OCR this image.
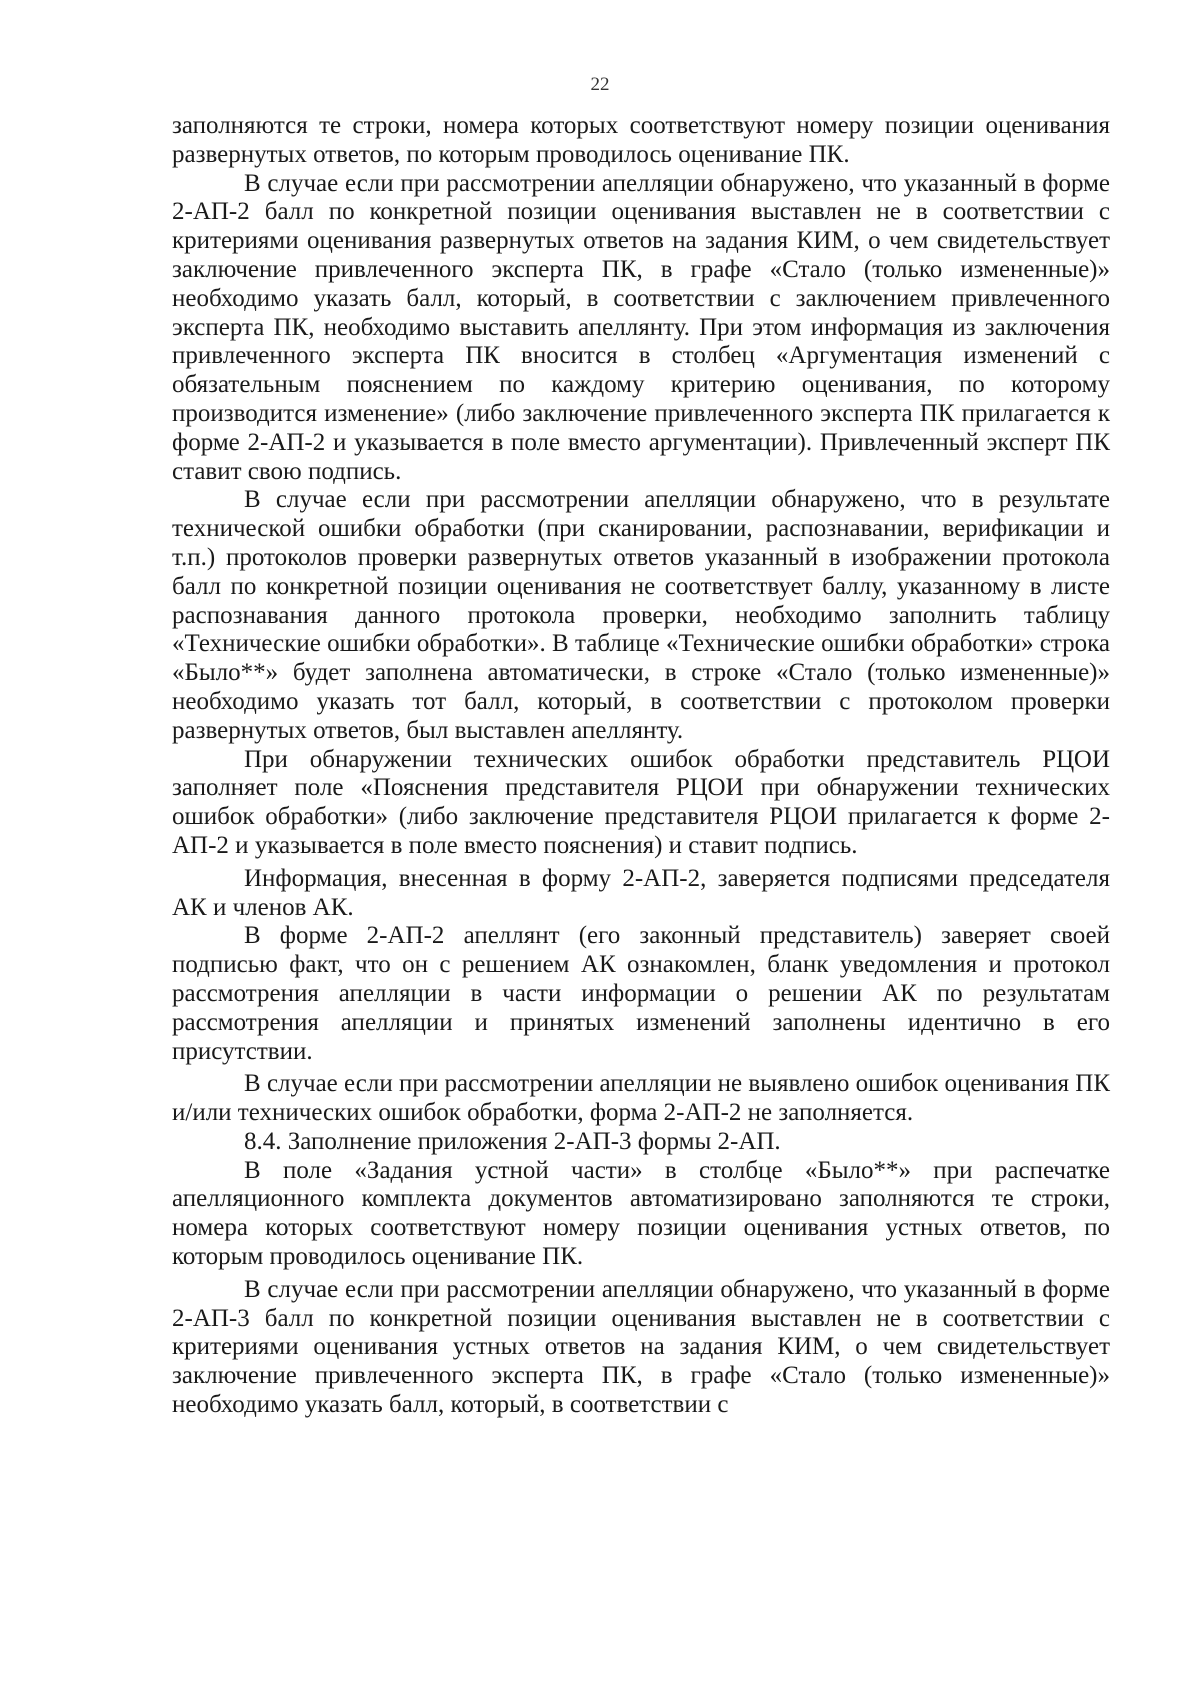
22

заполняются те строки, номера которых соответствуют номеру позиции оценивания развернутых ответов, по которым проводилось оценивание ПК.

В случае если при рассмотрении апелляции обнаружено, что указанный в форме 2-АП-2 балл по конкретной позиции оценивания выставлен не в соответствии с критериями оценивания развернутых ответов на задания КИМ, о чем свидетельствует заключение привлеченного эксперта ПК, в графе «Стало (только измененные)» необходимо указать балл, который, в соответствии с заключением привлеченного эксперта ПК, необходимо выставить апеллянту. При этом информация из заключения привлеченного эксперта ПК вносится в столбец «Аргументация изменений с обязательным пояснением по каждому критерию оценивания, по которому производится изменение» (либо заключение привлеченного эксперта ПК прилагается к форме 2-АП-2 и указывается в поле вместо аргументации). Привлеченный эксперт ПК ставит свою подпись.

В случае если при рассмотрении апелляции обнаружено, что в результате технической ошибки обработки (при сканировании, распознавании, верификации и т.п.) протоколов проверки развернутых ответов указанный в изображении протокола балл по конкретной позиции оценивания не соответствует баллу, указанному в листе распознавания данного протокола проверки, необходимо заполнить таблицу «Технические ошибки обработки». В таблице «Технические ошибки обработки» строка «Было**» будет заполнена автоматически, в строке «Стало (только измененные)» необходимо указать тот балл, который, в соответствии с протоколом проверки развернутых ответов, был выставлен апеллянту.

При обнаружении технических ошибок обработки представитель РЦОИ заполняет поле «Пояснения представителя РЦОИ при обнаружении технических ошибок обработки» (либо заключение представителя РЦОИ прилагается к форме 2-АП-2 и указывается в поле вместо пояснения) и ставит подпись.

Информация, внесенная в форму 2-АП-2, заверяется подписями председателя АК и членов АК.

В форме 2-АП-2 апеллянт (его законный представитель) заверяет своей подписью факт, что он с решением АК ознакомлен, бланк уведомления и протокол рассмотрения апелляции в части информации о решении АК по результатам рассмотрения апелляции и принятых изменений заполнены идентично в его присутствии.

В случае если при рассмотрении апелляции не выявлено ошибок оценивания ПК и/или технических ошибок обработки, форма 2-АП-2 не заполняется.

8.4. Заполнение приложения 2-АП-3 формы 2-АП.

В поле «Задания устной части» в столбце «Было**» при распечатке апелляционного комплекта документов автоматизировано заполняются те строки, номера которых соответствуют номеру позиции оценивания устных ответов, по которым проводилось оценивание ПК.

В случае если при рассмотрении апелляции обнаружено, что указанный в форме 2-АП-3 балл по конкретной позиции оценивания выставлен не в соответствии с критериями оценивания устных ответов на задания КИМ, о чем свидетельствует заключение привлеченного эксперта ПК, в графе «Стало (только измененные)» необходимо указать балл, который, в соответствии с
